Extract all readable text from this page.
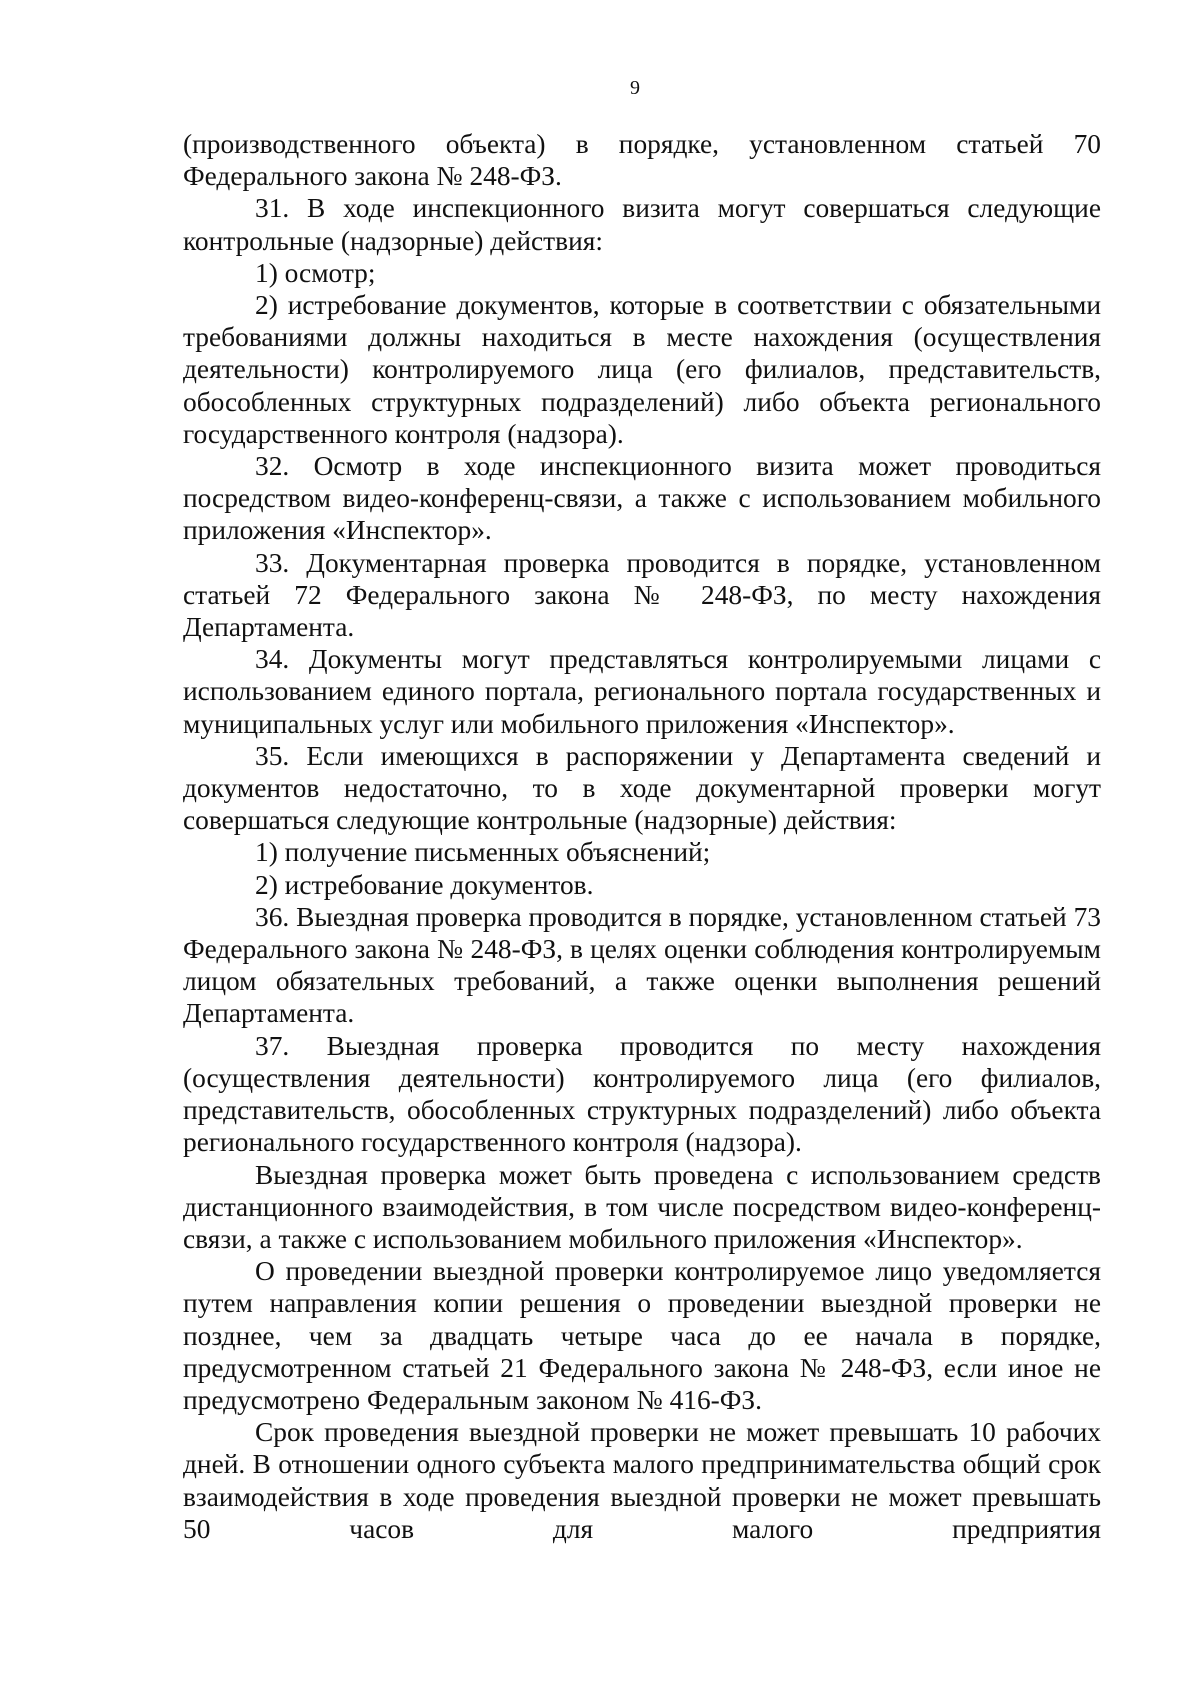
9

(производственного объекта) в порядке, установленном статьей 70 Федерального закона № 248-ФЗ.

31. В ходе инспекционного визита могут совершаться следующие контрольные (надзорные) действия:

1) осмотр;

2) истребование документов, которые в соответствии с обязательными требованиями должны находиться в месте нахождения (осуществления деятельности) контролируемого лица (его филиалов, представительств, обособленных структурных подразделений) либо объекта регионального государственного контроля (надзора).

32. Осмотр в ходе инспекционного визита может проводиться посредством видео-конференц-связи, а также с использованием мобильного приложения «Инспектор».

33. Документарная проверка проводится в порядке, установленном статьей 72 Федерального закона № 248-ФЗ, по месту нахождения Департамента.

34. Документы могут представляться контролируемыми лицами с использованием единого портала, регионального портала государственных и муниципальных услуг или мобильного приложения «Инспектор».

35. Если имеющихся в распоряжении у Департамента сведений и документов недостаточно, то в ходе документарной проверки могут совершаться следующие контрольные (надзорные) действия:

1) получение письменных объяснений;

2) истребование документов.

36. Выездная проверка проводится в порядке, установленном статьей 73 Федерального закона № 248-ФЗ, в целях оценки соблюдения контролируемым лицом обязательных требований, а также оценки выполнения решений Департамента.

37. Выездная проверка проводится по месту нахождения (осуществления деятельности) контролируемого лица (его филиалов, представительств, обособленных структурных подразделений) либо объекта регионального государственного контроля (надзора).

Выездная проверка может быть проведена с использованием средств дистанционного взаимодействия, в том числе посредством видео-конференц-связи, а также с использованием мобильного приложения «Инспектор».

О проведении выездной проверки контролируемое лицо уведомляется путем направления копии решения о проведении выездной проверки не позднее, чем за двадцать четыре часа до ее начала в порядке, предусмотренном статьей 21 Федерального закона № 248-ФЗ, если иное не предусмотрено Федеральным законом № 416-ФЗ.

Срок проведения выездной проверки не может превышать 10 рабочих дней. В отношении одного субъекта малого предпринимательства общий срок взаимодействия в ходе проведения выездной проверки не может превышать 50 часов для малого предприятия
